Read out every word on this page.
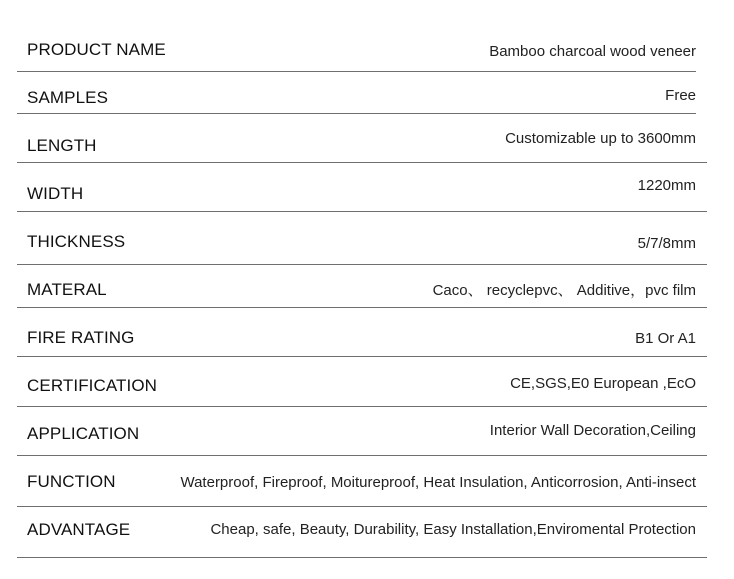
PRODUCT NAME	Bamboo charcoal wood veneer
SAMPLES	Free
LENGTH	Customizable up to 3600mm
WIDTH	1220mm
THICKNESS	5/7/8mm
MATERAL	Caco、 recyclepvc、 Additive，pvc film
FIRE RATING	B1 Or A1
CERTIFICATION	CE,SGS,E0 European ,EcO
APPLICATION	Interior Wall Decoration,Ceiling
FUNCTION	Waterproof, Fireproof, Moitureproof, Heat Insulation, Anticorrosion, Anti-insect
ADVANTAGE	Cheap, safe, Beauty, Durability, Easy Installation,Enviromental Protection
